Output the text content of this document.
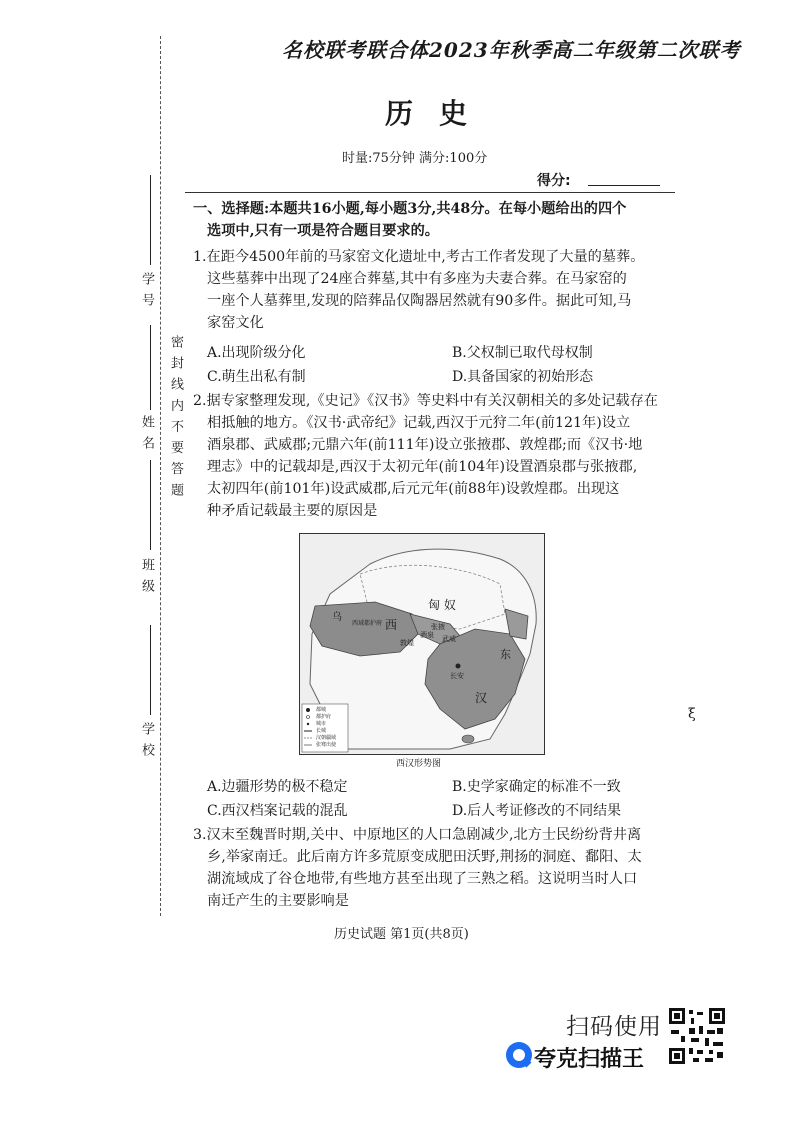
密 封 线 内 不 要 答 题
学 号
姓 名
班 级
学 校
名校联考联合体2023年秋季高二年级第二次联考
历史
时量:75分钟 满分:100分
得分:
一、选择题:本题共16小题,每小题3分,共48分。在每小题给出的四个
选项中,只有一项是符合题目要求的。
1.在距今4500年前的马家窑文化遗址中,考古工作者发现了大量的墓葬。
这些墓葬中出现了24座合葬墓,其中有多座为夫妻合葬。在马家窑的
一座个人墓葬里,发现的陪葬品仅陶器居然就有90多件。据此可知,马
家窑文化
A.出现阶级分化	B.父权制已取代母权制
C.萌生出私有制	D.具备国家的初始形态
2.据专家整理发现,《史记》《汉书》等史料中有关汉朝相关的多处记载存在
相抵触的地方。《汉书·武帝纪》记载,西汉于元狩二年(前121年)设立
酒泉郡、武威郡;元鼎六年(前111年)设立张掖郡、敦煌郡;而《汉书·地
理志》中的记载却是,西汉于太初元年(前104年)设置酒泉郡与张掖郡,
太初四年(前101年)设武威郡,后元元年(前88年)设敦煌郡。出现这
种矛盾记载最主要的原因是
匈 奴
西
汉
东
长安
敦煌
酒泉
张掖
武威
乌
西域都护府
都城
都护府
城市
长城
汉朝疆域
张骞出使
西汉形势图
A.边疆形势的极不稳定	B.史学家确定的标准不一致
C.西汉档案记载的混乱	D.后人考证修改的不同结果
3.汉末至魏晋时期,关中、中原地区的人口急剧减少,北方士民纷纷背井离
乡,举家南迁。此后南方许多荒原变成肥田沃野,荆扬的洞庭、鄱阳、太
湖流域成了谷仓地带,有些地方甚至出现了三熟之稻。这说明当时人口
南迁产生的主要影响是
ξ
历史试题 第1页(共8页)
扫码使用
夸克扫描王
